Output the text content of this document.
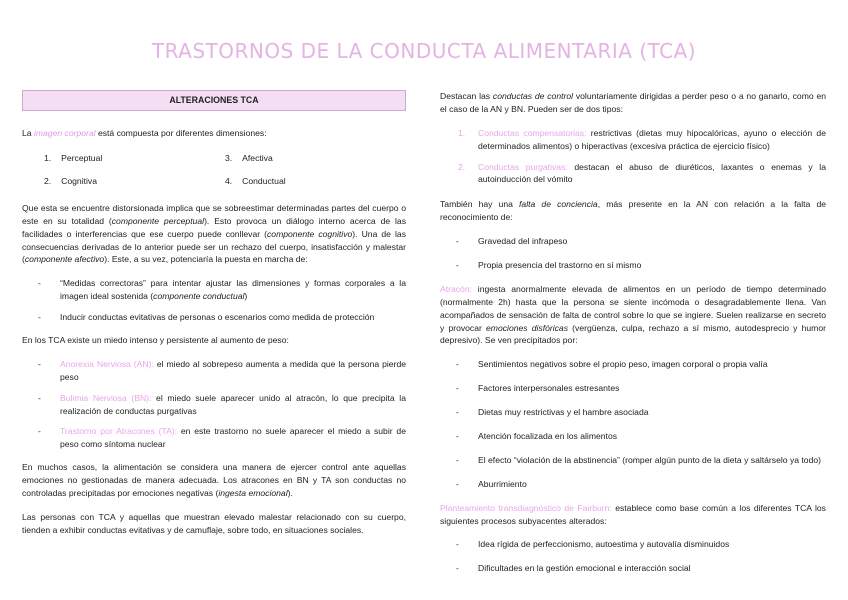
TRASTORNOS DE LA CONDUCTA ALIMENTARIA (TCA)
ALTERACIONES TCA

La imagen corporal está compuesta por diferentes dimensiones:

1. Perceptual	3. Afectiva
2. Cognitiva	4. Conductual

Que esta se encuentre distorsionada implica que se sobreestimar determinadas partes del cuerpo o este en su totalidad (componente perceptual). Esto provoca un diálogo interno acerca de las facilidades o interferencias que ese cuerpo puede conllevar (componente cognitivo). Una de las consecuencias derivadas de lo anterior puede ser un rechazo del cuerpo, insatisfacción y malestar (componente afectivo). Este, a su vez, potenciaría la puesta en marcha de:

- “Medidas correctoras” para intentar ajustar las dimensiones y formas corporales a la imagen ideal sostenida (componente conductual)
- Inducir conductas evitativas de personas o escenarios como medida de protección

En los TCA existe un miedo intenso y persistente al aumento de peso:

- Anorexia Nerviosa (AN): el miedo al sobrepeso aumenta a medida que la persona pierde peso
- Bulimia Nerviosa (BN): el miedo suele aparecer unido al atracón, lo que precipita la realización de conductas purgativas
- Trastorno por Atracones (TA): en este trastorno no suele aparecer el miedo a subir de peso como síntoma nuclear

En muchos casos, la alimentación se considera una manera de ejercer control ante aquellas emociones no gestionadas de manera adecuada. Los atracones en BN y TA son conductas no controladas precipitadas por emociones negativas (ingesta emocional).

Las personas con TCA y aquellas que muestran elevado malestar relacionado con su cuerpo, tienden a exhibir conductas evitativas y de camuflaje, sobre todo, en situaciones sociales.

Destacan las conductas de control voluntariamente dirigidas a perder peso o a no ganarlo, como en el caso de la AN y BN. Pueden ser de dos tipos:

1. Conductas compensatorias: restrictivas (dietas muy hipocalóricas, ayuno o elección de determinados alimentos) o hiperactivas (excesiva práctica de ejercicio físico)
2. Conductas purgativas: destacan el abuso de diuréticos, laxantes o enemas y la autoinducción del vómito

También hay una falta de conciencia, más presente en la AN con relación a la falta de reconocimiento de:

- Gravedad del infrapeso
- Propia presencia del trastorno en sí mismo

Atracón: ingesta anormalmente elevada de alimentos en un período de tiempo determinado (normalmente 2h) hasta que la persona se siente incómoda o desagradablemente llena. Van acompañados de sensación de falta de control sobre lo que se ingiere. Suelen realizarse en secreto y provocar emociones disfóricas (vergüenza, culpa, rechazo a sí mismo, autodesprecio y humor depresivo). Se ven precipitados por:

- Sentimientos negativos sobre el propio peso, imagen corporal o propia valía
- Factores interpersonales estresantes
- Dietas muy restrictivas y el hambre asociada
- Atención focalizada en los alimentos
- El efecto “violación de la abstinencia” (romper algún punto de la dieta y saltárselo ya todo)
- Aburrimiento

Planteamiento transdiagnóstico de Fairburn: establece como base común a los diferentes TCA los siguientes procesos subyacentes alterados:

- Idea rígida de perfeccionismo, autoestima y autovalía disminuidos
- Dificultades en la gestión emocional e interacción social
